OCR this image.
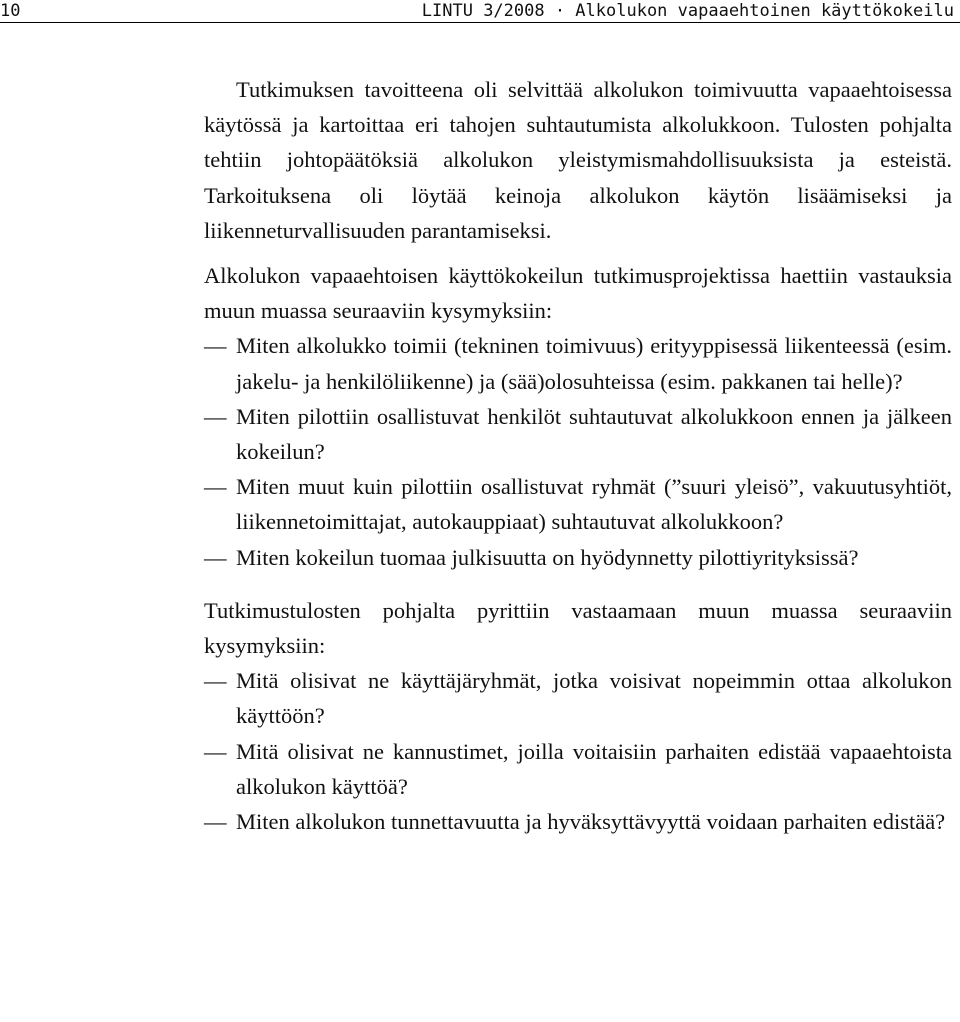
10	LINTU 3/2008 · Alkolukon vapaaehtoinen käyttökokeilu

Tutkimuksen tavoitteena oli selvittää alkolukon toimivuutta vapaaehtoisessa käytössä ja kartoittaa eri tahojen suhtautumista alkolukkoon. Tulosten pohjalta tehtiin johtopäätöksiä alkolukon yleistymismahdollisuuksista ja esteistä. Tarkoituksena oli löytää keinoja alkolukon käytön lisäämiseksi ja liikenneturvallisuuden parantamiseksi.

Alkolukon vapaaehtoisen käyttökokeilun tutkimusprojektissa haettiin vastauksia muun muassa seuraaviin kysymyksiin:

— Miten alkolukko toimii (tekninen toimivuus) erityyppisessä liikenteessä (esim. jakelu- ja henkilöliikenne) ja (sää)olosuhteissa (esim. pakkanen tai helle)?
— Miten pilottiin osallistuvat henkilöt suhtautuvat alkolukkoon ennen ja jälkeen kokeilun?
— Miten muut kuin pilottiin osallistuvat ryhmät (”suuri yleisö”, vakuutusyhtiöt, liikennetoimittajat, autokauppiaat) suhtautuvat alkolukkoon?
— Miten kokeilun tuomaa julkisuutta on hyödynnetty pilottiyrityksissä?

Tutkimustulosten pohjalta pyrittiin vastaamaan muun muassa seuraaviin kysymyksiin:

— Mitä olisivat ne käyttäjäryhmät, jotka voisivat nopeimmin ottaa alkolukon käyttöön?
— Mitä olisivat ne kannustimet, joilla voitaisiin parhaiten edistää vapaaehtoista alkolukon käyttöä?
— Miten alkolukon tunnettavuutta ja hyväksyttävyyttä voidaan parhaiten edistää?
